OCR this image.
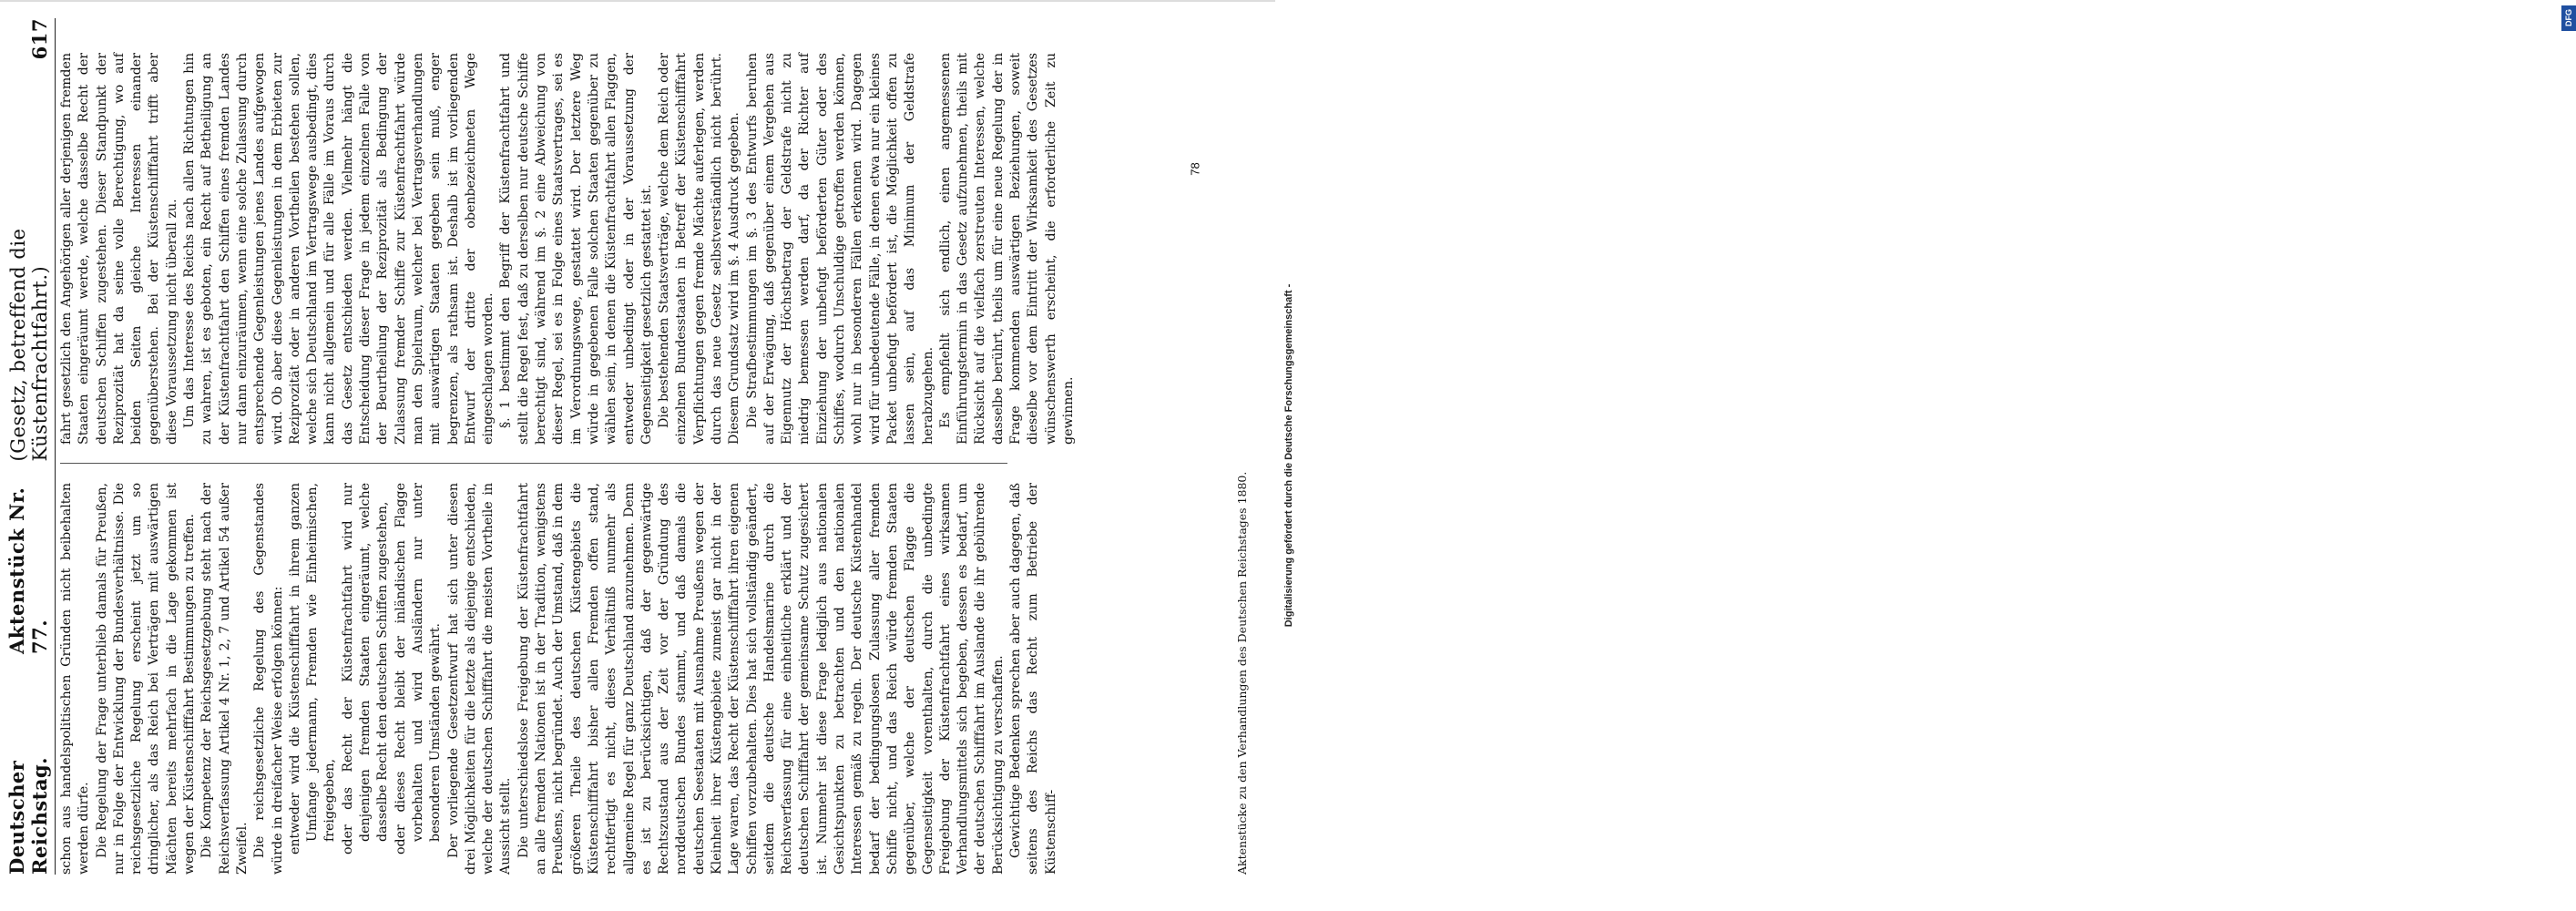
Deutscher Reichstag.
Aktenstück Nr. 77.
(Gesetz, betreffend die Küstenfrachtfahrt.)
617

schon aus handelspolitischen Gründen nicht beibehalten werden dürfe. Die Regelung der Frage unterblieb damals für Preußen, nur in Folge der Entwicklung der Bundesverhältnisse. Die reichsgesetzliche Regelung erscheint jetzt um so dringlicher, als das Reich bei Verträgen mit auswärtigen Mächten bereits mehrfach in die Lage gekommen ist wegen der Küstenschifffahrt Bestimmungen zu treffen. Die Kompetenz der Reichsgesetzgebung steht nach der Reichsverfassung Artikel 4 Nr. 1, 2, 7 und Artikel 54 außer Zweifel. Die reichsgesetzliche Regelung des Gegenstandes würde in dreifacher Weise erfolgen können: entweder wird die Küstenschifffahrt in ihrem ganzen Umfange jedermann, Fremden wie Einheimischen, freigegeben, oder das Recht der Küstenfrachtfahrt wird nur denjenigen fremden Staaten eingeräumt, welche dasselbe Recht den deutschen Schiffen zugestehen, oder dieses Recht bleibt der inländischen Flagge vorbehalten und wird Ausländern nur unter besonderen Umständen gewährt. Der vorliegende Gesetzentwurf hat sich unter diesen drei Möglichkeiten für die letzte als diejenige entschieden, welche der deutschen Schifffahrt die meisten Vortheile in Aussicht stellt. Die unterschiedslose Freigebung der Küstenfrachtfahrt an alle fremden Nationen ist in der Tradition, wenigstens Preußens, nicht begründet. Auch der Umstand, daß in dem größeren Theile des deutschen Küstengebiets die Küstenschifffahrt bisher allen Fremden offen stand, rechtfertigt es nicht, dieses Verhältniß nunmehr als allgemeine Regel für ganz Deutschland anzunehmen. Denn es ist zu berücksichtigen, daß der gegenwärtige Rechtszustand aus der Zeit vor der Gründung des norddeutschen Bundes stammt, und daß damals die deutschen Seestaaten mit Ausnahme Preußens wegen der Kleinheit ihrer Küstengebiete zumeist gar nicht in der Lage waren, das Recht der Küstenschifffahrt ihren eigenen Schiffen vorzubehalten. Dies hat sich vollständig geändert, seitdem die deutsche Handelsmarine durch die Reichsverfassung für eine einheitliche erklärt und der deutschen Schifffahrt der gemeinsame Schutz zugesichert ist. Nunmehr ist diese Frage lediglich aus nationalen Gesichtspunkten zu betrachten und den nationalen Interessen gemäß zu regeln. Der deutsche Küstenhandel bedarf der bedingungslosen Zulassung aller fremden Schiffe nicht, und das Reich würde fremden Staaten gegenüber, welche der deutschen Flagge die Gegenseitigkeit vorenthalten, durch die unbedingte Freigebung der Küstenfrachtfahrt eines wirksamen Verhandlungsmittels sich begeben, dessen es bedarf, um der deutschen Schifffahrt im Auslande die ihr gebührende Berücksichtigung zu verschaffen. Gewichtige Bedenken sprechen aber auch dagegen, daß seitens des Reichs das Recht zum Betriebe der Küstenschiff-

fahrt gesetzlich den Angehörigen aller derjenigen fremden Staaten eingeräumt werde, welche dasselbe Recht der deutschen Schiffen zugestehen. Dieser Standpunkt der Reziprozität hat da seine volle Berechtigung, wo auf beiden Seiten gleiche Interessen einander gegenüberstehen. Bei der Küstenschifffahrt trifft aber diese Voraussetzung nicht überall zu. Um das Interesse des Reichs nach allen Richtungen hin zu wahren, ist es geboten, ein Recht auf Betheiligung an der Küstenfrachtfahrt den Schiffen eines fremden Landes nur dann einzuräumen, wenn eine solche Zulassung durch entsprechende Gegenleistungen jenes Landes aufgewogen wird. Ob aber diese Gegenleistungen in dem Erbieten zur Reziprozität oder in anderen Vortheilen bestehen sollen, welche sich Deutschland im Vertragswege ausbedingt, dies kann nicht allgemein und für alle Fälle im Voraus durch das Gesetz entschieden werden. Vielmehr hängt die Entscheidung dieser Frage in jedem einzelnen Falle von der Beurtheilung der Reziprozität als Bedingung der Zulassung fremder Schiffe zur Küstenfrachtfahrt würde man den Spielraum, welcher bei Vertragsverhandlungen mit auswärtigen Staaten gegeben sein muß, enger begrenzen, als rathsam ist. Deshalb ist im vorliegenden Entwurf der dritte der obenbezeichneten Wege eingeschlagen worden. §. 1 bestimmt den Begriff der Küstenfrachtfahrt und stellt die Regel fest, daß zu derselben nur deutsche Schiffe berechtigt sind, während im §. 2 eine Abweichung von dieser Regel, sei es in Folge eines Staatsvertrages, sei es im Verordnungswege, gestattet wird. Der letztere Weg würde in gegebenen Falle solchen Staaten gegenüber zu wählen sein, in denen die Küstenfrachtfahrt allen Flaggen, entweder unbedingt oder in der Voraussetzung der Gegenseitigkeit gesetzlich gestattet ist. Die bestehenden Staatsverträge, welche dem Reich oder einzelnen Bundesstaaten in Betreff der Küstenschifffahrt Verpflichtungen gegen fremde Mächte auferlegen, werden durch das neue Gesetz selbstverständlich nicht berührt. Diesem Grundsatz wird im §. 4 Ausdruck gegeben. Die Strafbestimmungen im §. 3 des Entwurfs beruhen auf der Erwägung, daß gegenüber einem Vergehen aus Eigennutz der Höchstbetrag der Geldstrafe nicht zu niedrig bemessen werden darf, da der Richter auf Einziehung der unbefugt beförderten Güter oder des Schiffes, wodurch Unschuldige getroffen werden können, wohl nur in besonderen Fällen erkennen wird. Dagegen wird für unbedeutende Fälle, in denen etwa nur ein kleines Packet unbefugt befördert ist, die Möglichkeit offen zu lassen sein, auf das Minimum der Geldstrafe herabzugehen. Es empfiehlt sich endlich, einen angemessenen Einführungstermin in das Gesetz aufzunehmen, theils mit Rücksicht auf die vielfach zerstreuten Interessen, welche dasselbe berührt, theils um für eine neue Regelung der in Frage kommenden auswärtigen Beziehungen, soweit dieselbe vor dem Eintritt der Wirksamkeit des Gesetzes wünschenswerth erscheint, die erforderliche Zeit zu gewinnen.

Aktenstücke zu den Verhandlungen des Deutschen Reichstages 1880.
78
DFG
Digitalisierung gefördert durch die Deutsche Forschungsgemeinschaft -
